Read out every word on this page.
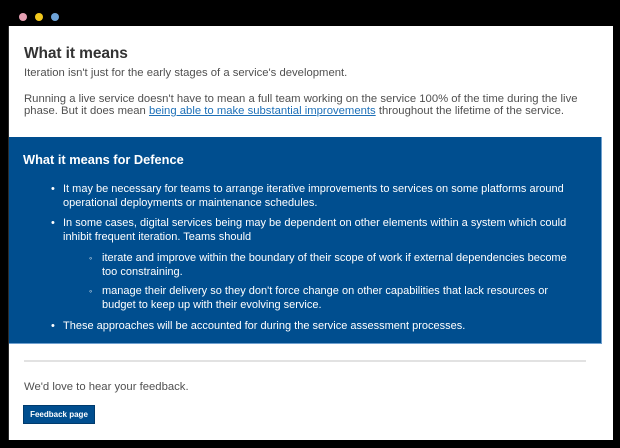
What it means

Iteration isn't just for the early stages of a service's development.

Running a live service doesn't have to mean a full team working on the service 100% of the time during the live phase. But it does mean being able to make substantial improvements throughout the lifetime of the service.

What it means for Defence
• It may be necessary for teams to arrange iterative improvements to services on some platforms around operational deployments or maintenance schedules.
• In some cases, digital services being may be dependent on other elements within a system which could inhibit frequent iteration. Teams should
◦ iterate and improve within the boundary of their scope of work if external dependencies become too constraining.
◦ manage their delivery so they don't force change on other capabilities that lack resources or budget to keep up with their evolving service.
• These approaches will be accounted for during the service assessment processes.

We'd love to hear your feedback.

Feedback page
